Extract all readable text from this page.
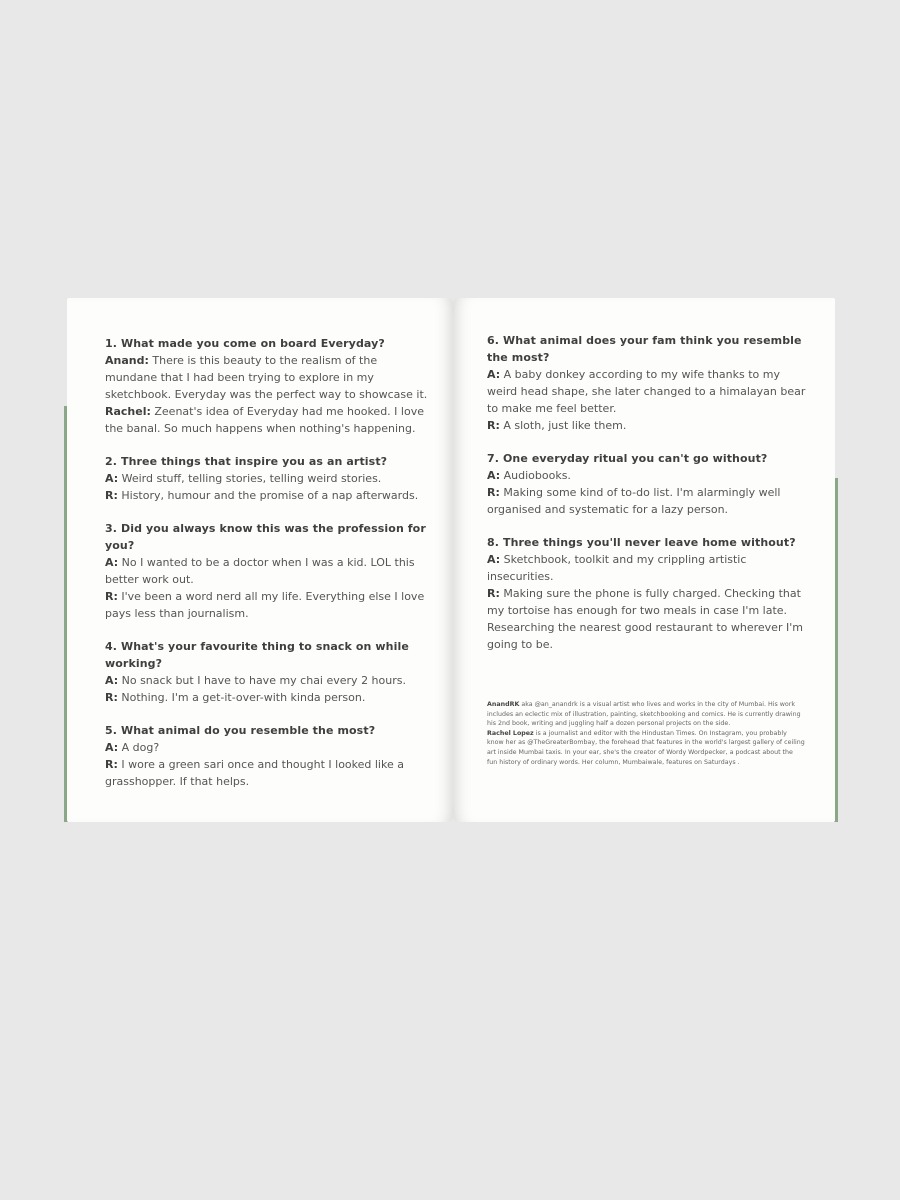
1. What made you come on board Everyday?
Anand: There is this beauty to the realism of the mundane that I had been trying to explore in my sketchbook. Everyday was the perfect way to showcase it.
Rachel: Zeenat's idea of Everyday had me hooked. I love the banal. So much happens when nothing's happening.
2. Three things that inspire you as an artist?
A: Weird stuff, telling stories, telling weird stories.
R: History, humour and the promise of a nap afterwards.
3. Did you always know this was the profession for you?
A: No I wanted to be a doctor when I was a kid. LOL this better work out.
R: I've been a word nerd all my life. Everything else I love pays less than journalism.
4. What's your favourite thing to snack on while working?
A: No snack but I have to have my chai every 2 hours.
R: Nothing. I'm a get-it-over-with kinda person.
5. What animal do you resemble the most?
A: A dog?
R: I wore a green sari once and thought I looked like a grasshopper. If that helps.
6. What animal does your fam think you resemble the most?
A: A baby donkey according to my wife thanks to my weird head shape, she later changed to a himalayan bear to make me feel better.
R: A sloth, just like them.
7. One everyday ritual you can't go without?
A: Audiobooks.
R: Making some kind of to-do list. I'm alarmingly well organised and systematic for a lazy person.
8. Three things you'll never leave home without?
A: Sketchbook, toolkit and my crippling artistic insecurities.
R: Making sure the phone is fully charged. Checking that my tortoise has enough for two meals in case I'm late. Researching the nearest good restaurant to wherever I'm going to be.
AnandRK aka @an_anandrk is a visual artist who lives and works in the city of Mumbai. His work includes an eclectic mix of illustration, painting, sketchbooking and comics. He is currently drawing his 2nd book, writing and juggling half a dozen personal projects on the side.
Rachel Lopez is a journalist and editor with the Hindustan Times. On Instagram, you probably know her as @TheGreaterBombay, the forehead that features in the world's largest gallery of ceiling art inside Mumbai taxis. In your ear, she's the creator of Wordy Wordpecker, a podcast about the fun history of ordinary words. Her column, Mumbaiwale, features on Saturdays .
